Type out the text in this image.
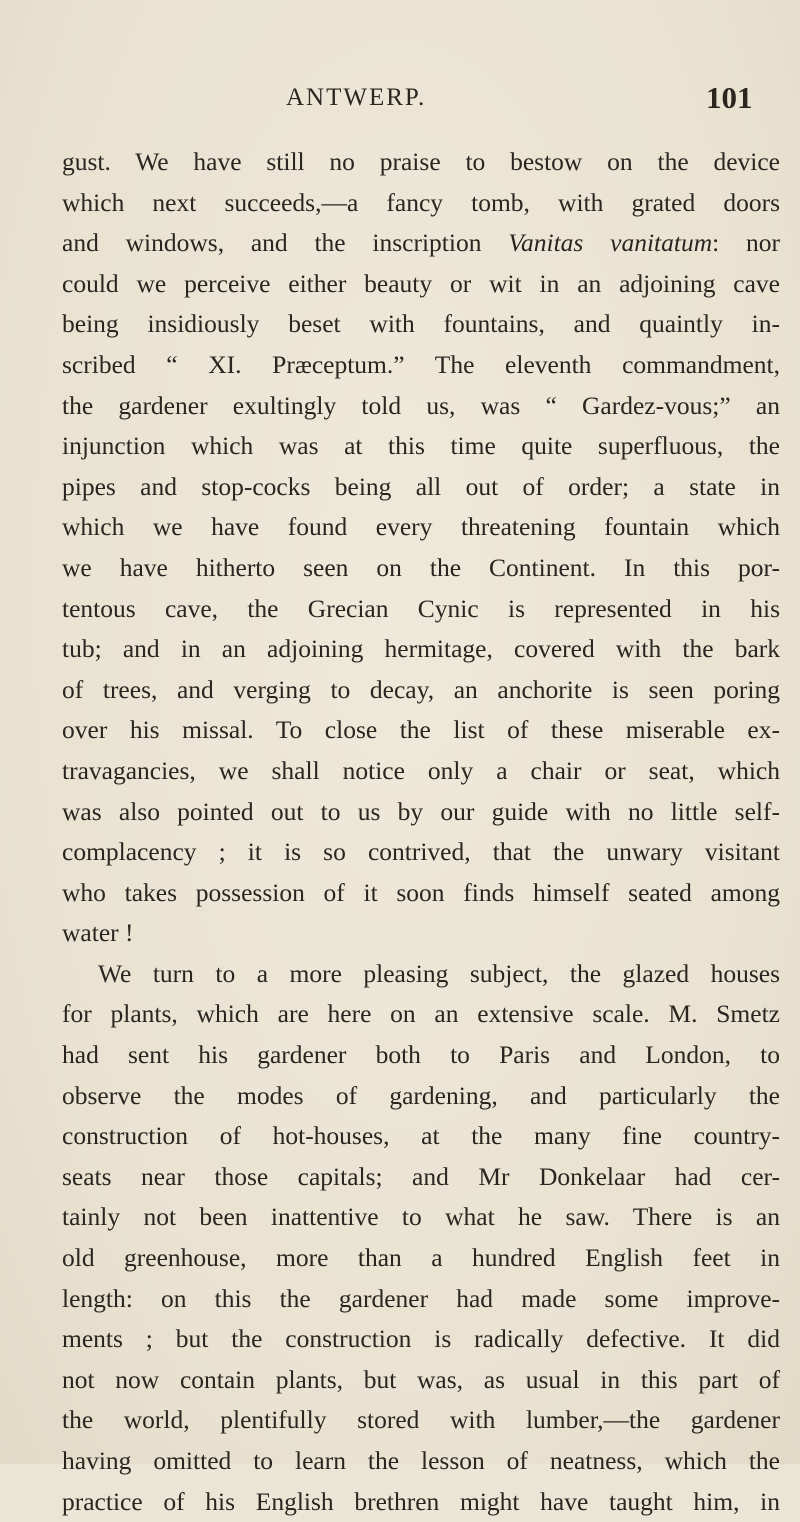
ANTWERP.	101
gust. We have still no praise to bestow on the device
which next succeeds,—a fancy tomb, with grated doors
and windows, and the inscription Vanitas vanitatum: nor
could we perceive either beauty or wit in an adjoining cave
being insidiously beset with fountains, and quaintly in-
scribed “ XI. Præceptum.” The eleventh commandment,
the gardener exultingly told us, was “ Gardez-vous;” an
injunction which was at this time quite superfluous, the
pipes and stop-cocks being all out of order; a state in
which we have found every threatening fountain which
we have hitherto seen on the Continent. In this por-
tentous cave, the Grecian Cynic is represented in his
tub; and in an adjoining hermitage, covered with the bark
of trees, and verging to decay, an anchorite is seen poring
over his missal. To close the list of these miserable ex-
travagancies, we shall notice only a chair or seat, which
was also pointed out to us by our guide with no little self-
complacency ; it is so contrived, that the unwary visitant
who takes possession of it soon finds himself seated among
water !
We turn to a more pleasing subject, the glazed houses
for plants, which are here on an extensive scale. M. Smetz
had sent his gardener both to Paris and London, to
observe the modes of gardening, and particularly the
construction of hot-houses, at the many fine country-
seats near those capitals; and Mr Donkelaar had cer-
tainly not been inattentive to what he saw. There is an
old greenhouse, more than a hundred English feet in
length: on this the gardener had made some improve-
ments ; but the construction is radically defective. It did
not now contain plants, but was, as usual in this part of
the world, plentifully stored with lumber,—the gardener
having omitted to learn the lesson of neatness, which the
practice of his English brethren might have taught him, in
